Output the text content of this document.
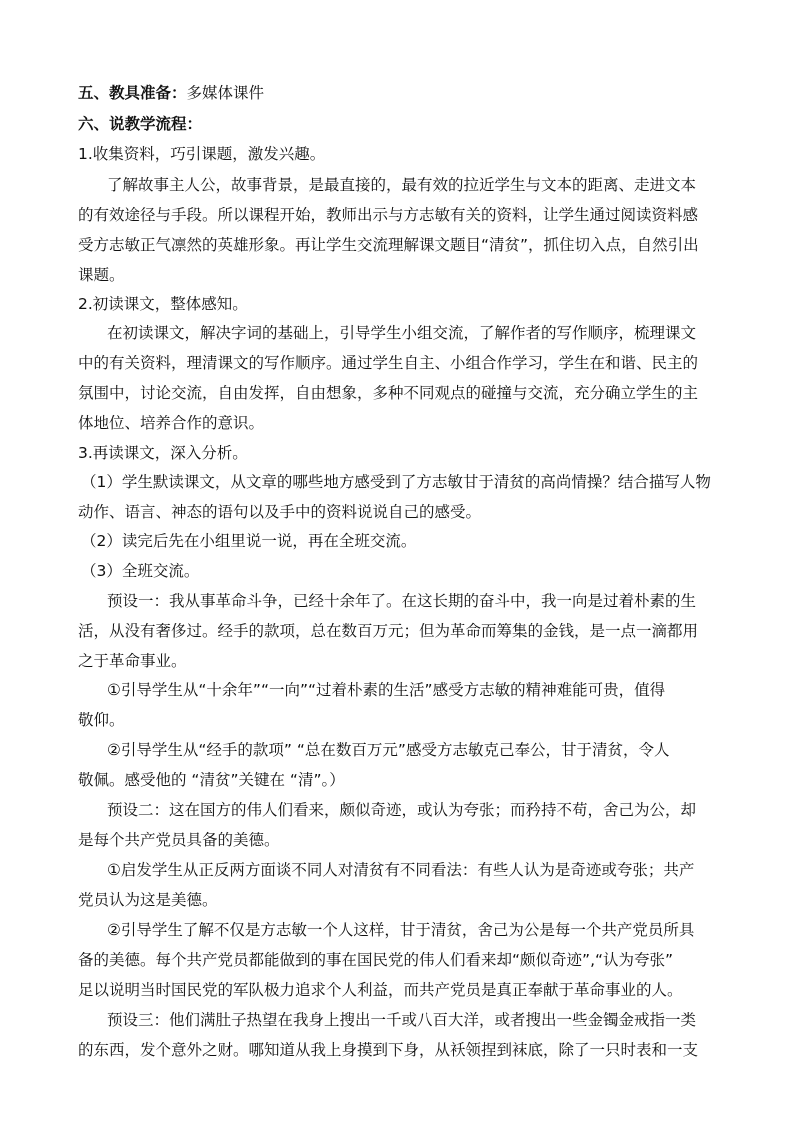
五、教具准备：多媒体课件
六、说教学流程：
1.收集资料，巧引课题，激发兴趣。
了解故事主人公，故事背景，是最直接的，最有效的拉近学生与文本的距离、走进文本
的有效途径与手段。所以课程开始，教师出示与方志敏有关的资料，让学生通过阅读资料感
受方志敏正气凛然的英雄形象。再让学生交流理解课文题目“清贫”，抓住切入点，自然引出
课题。
2.初读课文，整体感知。
在初读课文，解决字词的基础上，引导学生小组交流，了解作者的写作顺序，梳理课文
中的有关资料，理清课文的写作顺序。通过学生自主、小组合作学习，学生在和谐、民主的
氛围中，讨论交流，自由发挥，自由想象，多种不同观点的碰撞与交流，充分确立学生的主
体地位、培养合作的意识。
3.再读课文，深入分析。
（1）学生默读课文，从文章的哪些地方感受到了方志敏甘于清贫的高尚情操？结合描写人物
动作、语言、神态的语句以及手中的资料说说自己的感受。
（2）读完后先在小组里说一说，再在全班交流。
（3）全班交流。
预设一：我从事革命斗争，已经十余年了。在这长期的奋斗中，我一向是过着朴素的生
活，从没有奢侈过。经手的款项，总在数百万元；但为革命而筹集的金钱，是一点一滴都用
之于革命事业。
①引导学生从“十余年”“一向”“过着朴素的生活”感受方志敏的精神难能可贵，值得
敬仰。
②引导学生从“经手的款项” “总在数百万元”感受方志敏克己奉公，甘于清贫，令人
敬佩。感受他的 “清贫”关键在 “清”。）
预设二：这在国方的伟人们看来，颇似奇迹，或认为夸张；而矜持不苟，舍己为公，却
是每个共产党员具备的美德。
①启发学生从正反两方面谈不同人对清贫有不同看法：有些人认为是奇迹或夸张；共产
党员认为这是美德。
②引导学生了解不仅是方志敏一个人这样，甘于清贫，舍己为公是每一个共产党员所具
备的美德。每个共产党员都能做到的事在国民党的伟人们看来却“颇似奇迹”,“认为夸张”
足以说明当时国民党的军队极力追求个人利益，而共产党员是真正奉献于革命事业的人。
预设三：他们满肚子热望在我身上搜出一千或八百大洋，或者搜出一些金镯金戒指一类
的东西，发个意外之财。哪知道从我上身摸到下身，从袄领捏到袜底，除了一只时表和一支
